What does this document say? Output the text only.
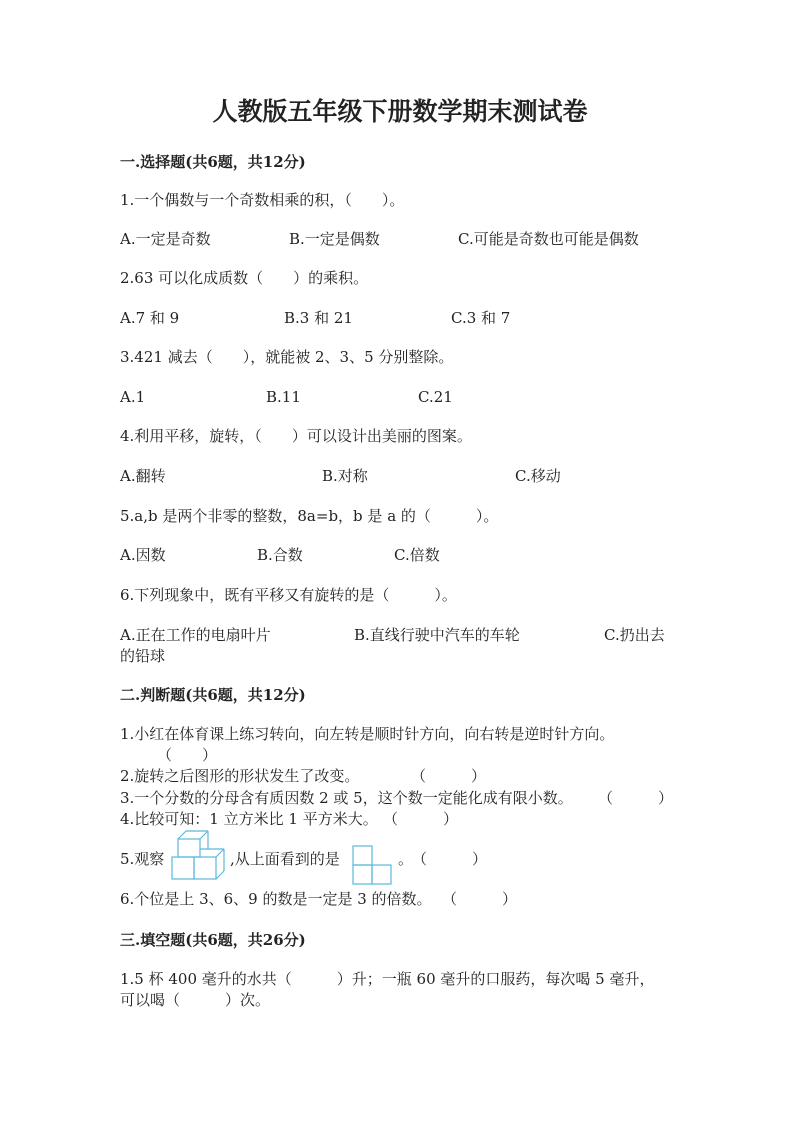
人教版五年级下册数学期末测试卷
一.选择题(共6题，共12分)
1.一个偶数与一个奇数相乘的积，（　　）。
A.一定是奇数	B.一定是偶数	C.可能是奇数也可能是偶数
2.63 可以化成质数（　　）的乘积。
A.7 和 9	B.3 和 21	C.3 和 7
3.421 减去（　　），就能被 2、3、5 分别整除。
A.1	B.11	C.21
4.利用平移，旋转，（　　）可以设计出美丽的图案。
A.翻转	B.对称	C.移动
5.a,b 是两个非零的整数，8a=b，b 是 a 的（　　　）。
A.因数	B.合数	C.倍数
6.下列现象中，既有平移又有旋转的是（　　　）。
A.正在工作的电扇叶片	B.直线行驶中汽车的车轮	C.扔出去
的铅球
二.判断题(共6题，共12分)
1.小红在体育课上练习转向，向左转是顺时针方向，向右转是逆时针方向。
（　　）
2.旋转之后图形的形状发生了改变。	（　　　）
3.一个分数的分母含有质因数 2 或 5，这个数一定能化成有限小数。 （　　　）
4.比较可知：1 立方米比 1 平方米大。 （　　　）
5.观察	,从上面看到的是	。
（　　　）
6.个位是上 3、6、9 的数是一定是 3 的倍数。 （　　　）
三.填空题(共6题，共26分)
1.5 杯 400 毫升的水共（　　　）升；一瓶 60 毫升的口服药，每次喝 5 毫升，
可以喝（　　　）次。
